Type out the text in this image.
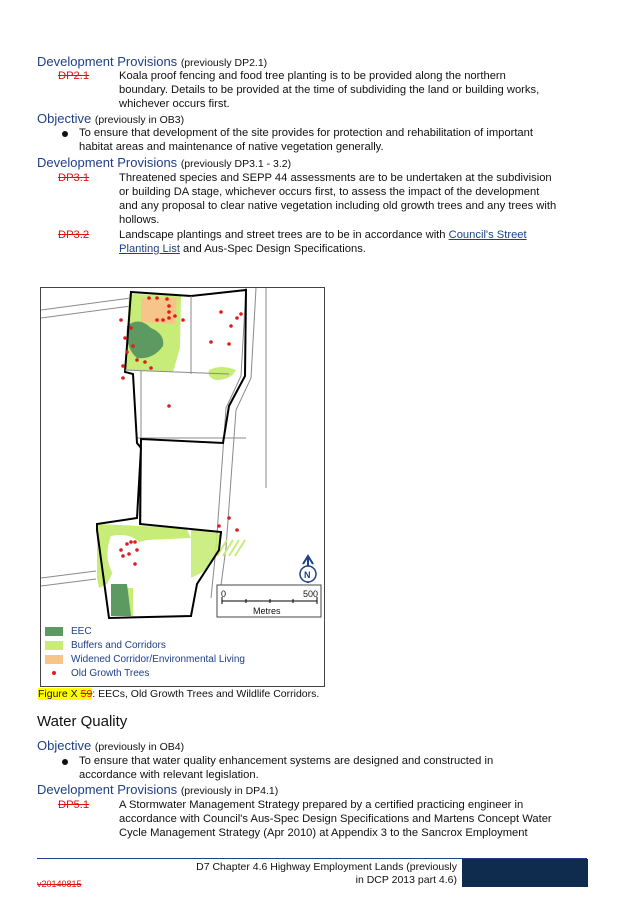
Development Provisions (previously DP2.1)
DP2.1	Koala proof fencing and food tree planting is to be provided along the northern
boundary. Details to be provided at the time of subdividing the land or building works,
whichever occurs first.
Objective (previously in OB3)
To ensure that development of the site provides for protection and rehabilitation of important
habitat areas and maintenance of native vegetation generally.
Development Provisions (previously DP3.1 - 3.2)
DP3.1	Threatened species and SEPP 44 assessments are to be undertaken at the subdivision
or building DA stage, whichever occurs first, to assess the impact of the development
and any proposal to clear native vegetation including old growth trees and any trees with
hollows.
DP3.2	Landscape plantings and street trees are to be in accordance with Council's Street
Planting List and Aus-Spec Design Specifications.
N
0	500
Metres
EEC
Buffers and Corridors
Widened Corridor/Environmental Living
Old Growth Trees
Figure X 59: EECs, Old Growth Trees and Wildlife Corridors.
Water Quality
Objective (previously in OB4)
To ensure that water quality enhancement systems are designed and constructed in
accordance with relevant legislation.
Development Provisions (previously in DP4.1)
DP5.1	A Stormwater Management Strategy prepared by a certified practicing engineer in
accordance with Council's Aus-Spec Design Specifications and Martens Concept Water
Cycle Management Strategy (Apr 2010) at Appendix 3 to the Sancrox Employment
D7 Chapter 4.6 Highway Employment Lands (previously
in DCP 2013 part 4.6)
v20140815
